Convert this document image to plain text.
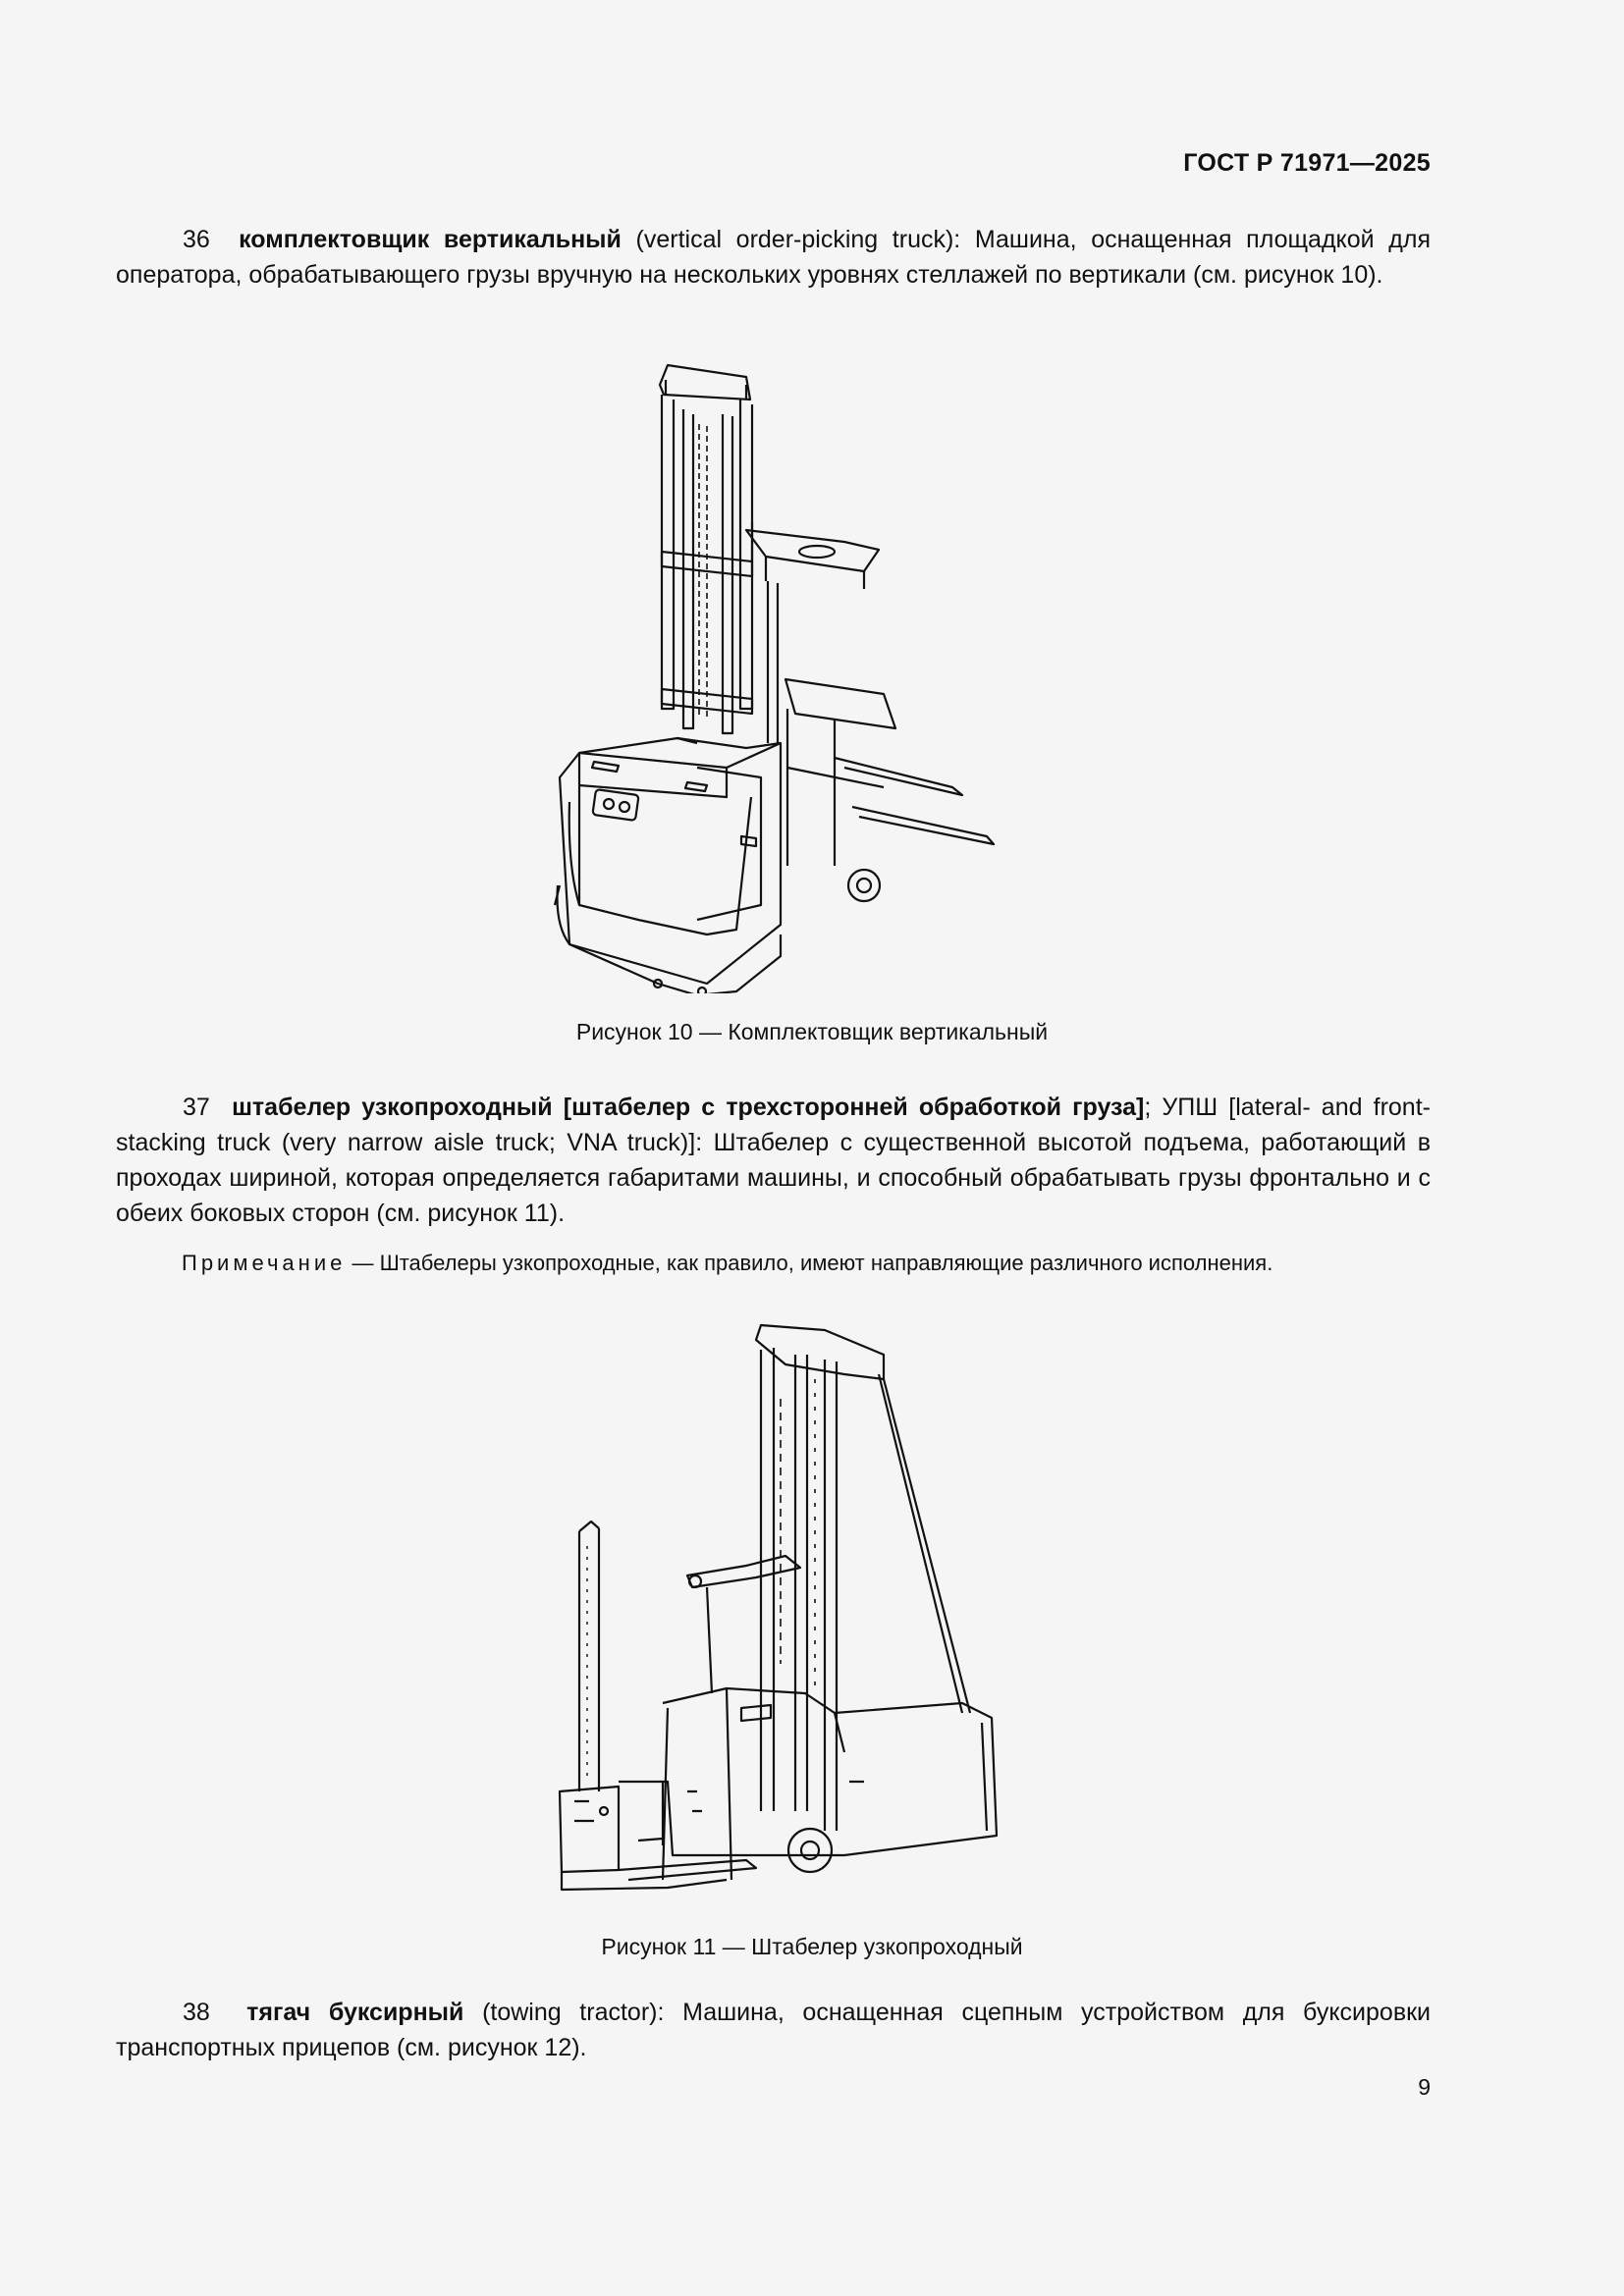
ГОСТ Р 71971—2025

36 комплектовщик вертикальный (vertical order-picking truck): Машина, оснащенная площадкой для оператора, обрабатывающего грузы вручную на нескольких уровнях стеллажей по вертикали (см. рисунок 10).

Рисунок 10 — Комплектовщик вертикальный

37 штабелер узкопроходный [штабелер с трехсторонней обработкой груза]; УПШ [lateral- and front-stacking truck (very narrow aisle truck; VNA truck)]: Штабелер с существенной высотой подъема, работающий в проходах шириной, которая определяется габаритами машины, и способный обрабатывать грузы фронтально и с обеих боковых сторон (см. рисунок 11).

Примечание — Штабелеры узкопроходные, как правило, имеют направляющие различного исполнения.

Рисунок 11 — Штабелер узкопроходный

38 тягач буксирный (towing tractor): Машина, оснащенная сцепным устройством для буксировки транспортных прицепов (см. рисунок 12).

9
